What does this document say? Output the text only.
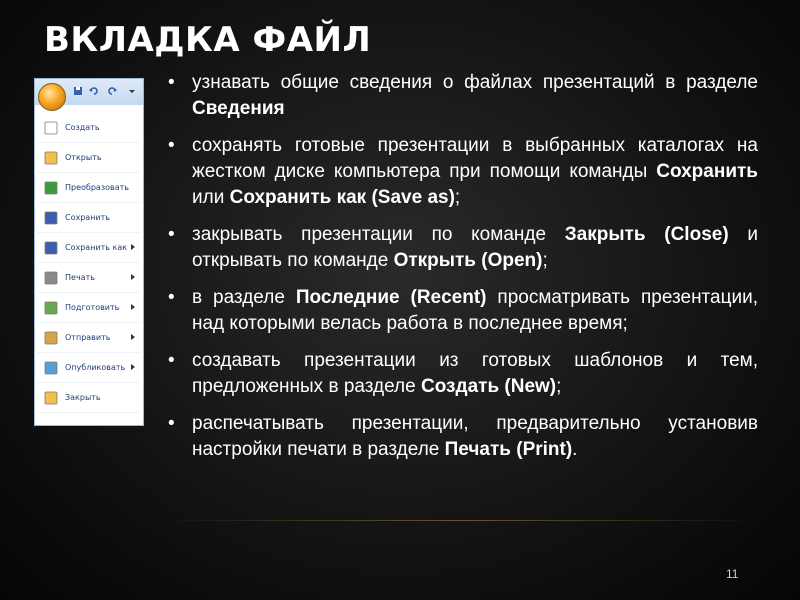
ВКЛАДКА ФАЙЛ
Создать
Открыть
Преобразовать
Сохранить
Сохранить как
Печать
Подготовить
Отправить
Опубликовать
Закрыть
• узнавать общие сведения о файлах презентаций в разделе Сведения
• сохранять готовые презентации в выбранных каталогах на жестком диске компьютера при помощи команды Сохранить или Сохранить как (Save as);
• закрывать презентации по команде Закрыть (Close) и открывать по команде Открыть (Open);
• в разделе Последние (Recent) просматривать презентации, над которыми велась работа в последнее время;
• создавать презентации из готовых шаблонов и тем, предложенных в разделе Создать (New);
• распечатывать презентации, предварительно установив настройки печати в разделе Печать (Print).
11
